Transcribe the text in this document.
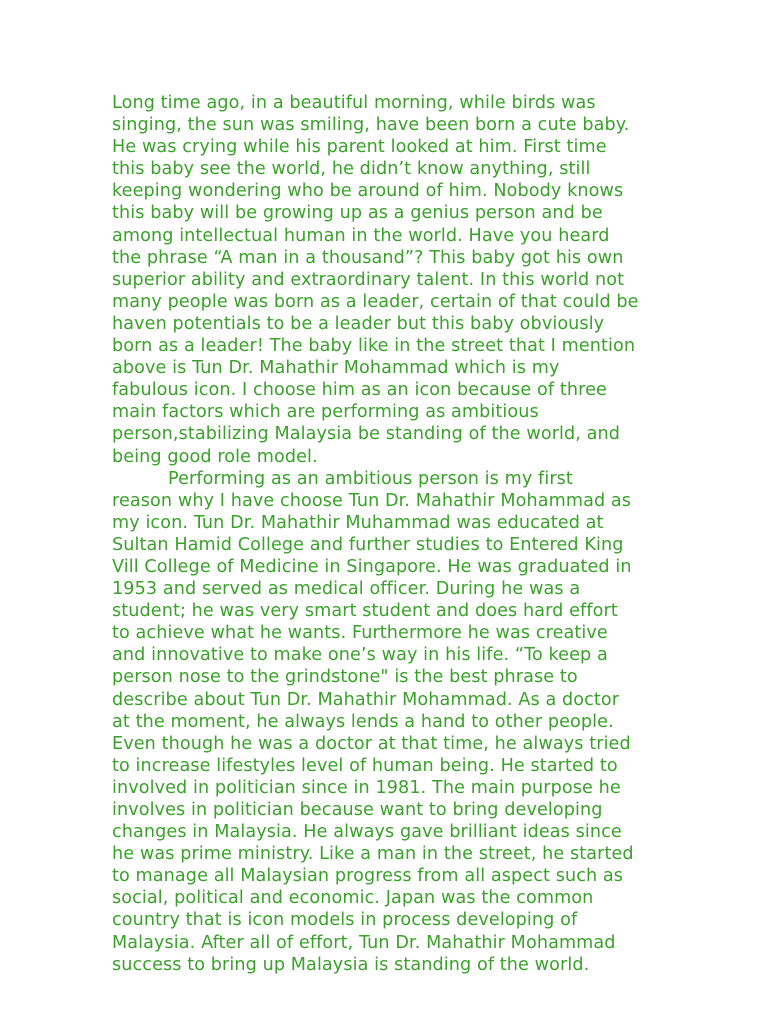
Long time ago, in a beautiful morning, while birds was
singing, the sun was smiling, have been born a cute baby.
He was crying while his parent looked at him. First time
this baby see the world, he didn’t know anything, still
keeping wondering who be around of him. Nobody knows
this baby will be growing up as a genius person and be
among intellectual human in the world. Have you heard
the phrase “A man in a thousand”? This baby got his own
superior ability and extraordinary talent. In this world not
many people was born as a leader, certain of that could be
haven potentials to be a leader but this baby obviously
born as a leader! The baby like in the street that I mention
above is Tun Dr. Mahathir Mohammad which is my
fabulous icon. I choose him as an icon because of three
main factors which are performing as ambitious
person,stabilizing Malaysia be standing of the world, and
being good role model.
Performing as an ambitious person is my first
reason why I have choose Tun Dr. Mahathir Mohammad as
my icon. Tun Dr. Mahathir Muhammad was educated at
Sultan Hamid College and further studies to Entered King
Vill College of Medicine in Singapore. He was graduated in
1953 and served as medical officer. During he was a
student; he was very smart student and does hard effort
to achieve what he wants. Furthermore he was creative
and innovative to make one’s way in his life. “To keep a
person nose to the grindstone" is the best phrase to
describe about Tun Dr. Mahathir Mohammad. As a doctor
at the moment, he always lends a hand to other people.
Even though he was a doctor at that time, he always tried
to increase lifestyles level of human being. He started to
involved in politician since in 1981. The main purpose he
involves in politician because want to bring developing
changes in Malaysia. He always gave brilliant ideas since
he was prime ministry. Like a man in the street, he started
to manage all Malaysian progress from all aspect such as
social, political and economic. Japan was the common
country that is icon models in process developing of
Malaysia. After all of effort, Tun Dr. Mahathir Mohammad
success to bring up Malaysia is standing of the world.
